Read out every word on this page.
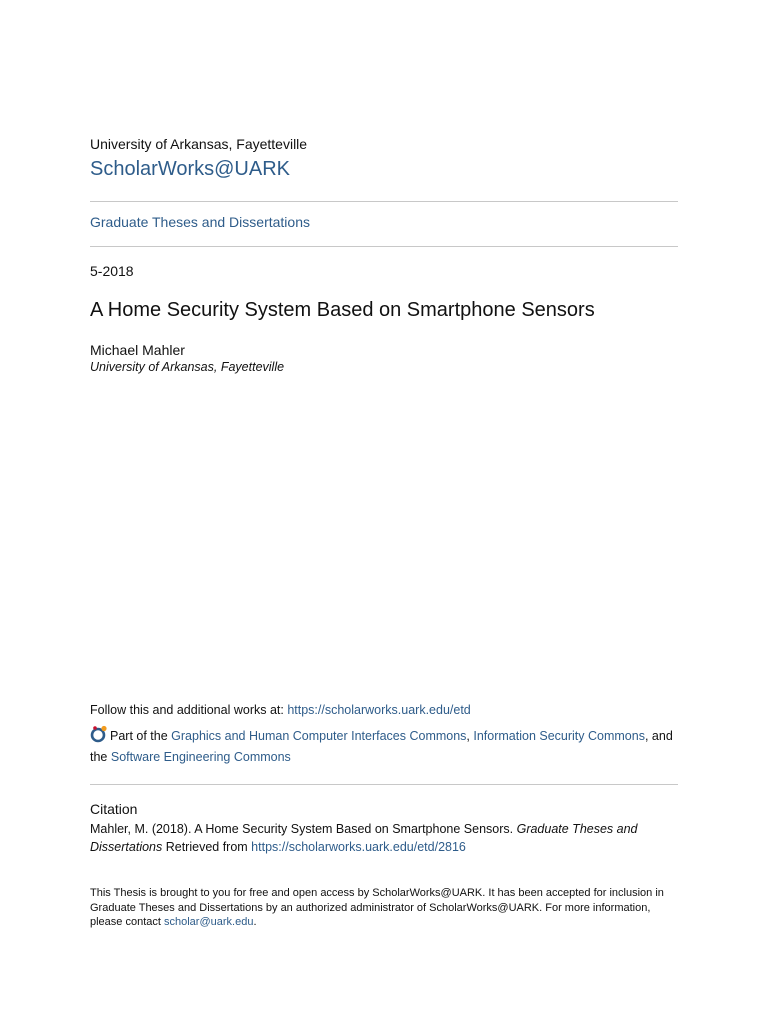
University of Arkansas, Fayetteville
ScholarWorks@UARK
Graduate Theses and Dissertations
5-2018
A Home Security System Based on Smartphone Sensors
Michael Mahler
University of Arkansas, Fayetteville
Follow this and additional works at: https://scholarworks.uark.edu/etd
Part of the Graphics and Human Computer Interfaces Commons, Information Security Commons, and
the Software Engineering Commons
Citation
Mahler, M. (2018). A Home Security System Based on Smartphone Sensors. Graduate Theses and Dissertations Retrieved from https://scholarworks.uark.edu/etd/2816
This Thesis is brought to you for free and open access by ScholarWorks@UARK. It has been accepted for inclusion in Graduate Theses and Dissertations by an authorized administrator of ScholarWorks@UARK. For more information, please contact scholar@uark.edu.
